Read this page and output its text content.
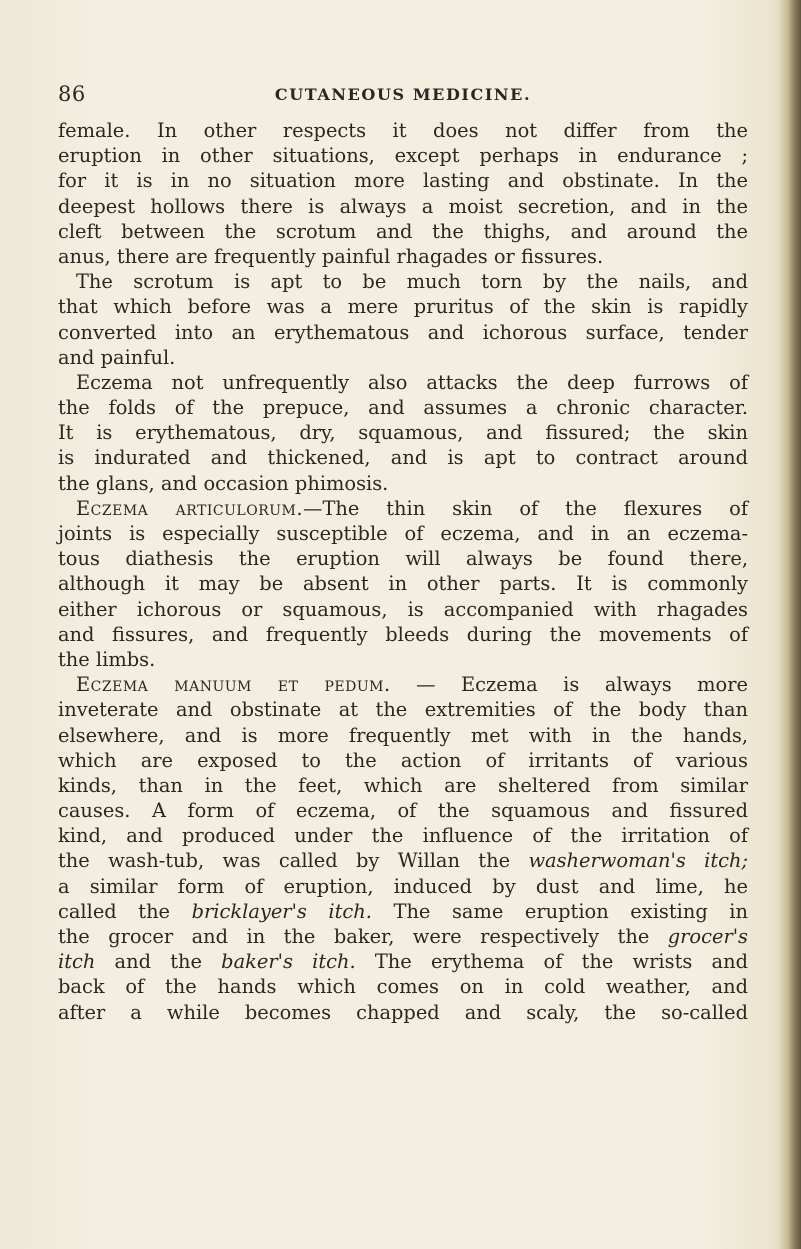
86	CUTANEOUS MEDICINE.
female. In other respects it does not differ from the
eruption in other situations, except perhaps in endurance ;
for it is in no situation more lasting and obstinate. In the
deepest hollows there is always a moist secretion, and in the
cleft between the scrotum and the thighs, and around the
anus, there are frequently painful rhagades or fissures.
The scrotum is apt to be much torn by the nails, and
that which before was a mere pruritus of the skin is rapidly
converted into an erythematous and ichorous surface, tender
and painful.
Eczema not unfrequently also attacks the deep furrows of
the folds of the prepuce, and assumes a chronic character.
It is erythematous, dry, squamous, and fissured; the skin
is indurated and thickened, and is apt to contract around
the glans, and occasion phimosis.
Eczema articulorum.—The thin skin of the flexures of
joints is especially susceptible of eczema, and in an eczema-
tous diathesis the eruption will always be found there,
although it may be absent in other parts. It is commonly
either ichorous or squamous, is accompanied with rhagades
and fissures, and frequently bleeds during the movements of
the limbs.
Eczema manuum et pedum. — Eczema is always more
inveterate and obstinate at the extremities of the body than
elsewhere, and is more frequently met with in the hands,
which are exposed to the action of irritants of various
kinds, than in the feet, which are sheltered from similar
causes. A form of eczema, of the squamous and fissured
kind, and produced under the influence of the irritation of
the wash-tub, was called by Willan the washerwoman's itch;
a similar form of eruption, induced by dust and lime, he
called the bricklayer's itch. The same eruption existing in
the grocer and in the baker, were respectively the grocer's
itch and the baker's itch. The erythema of the wrists and
back of the hands which comes on in cold weather, and
after a while becomes chapped and scaly, the so-called
